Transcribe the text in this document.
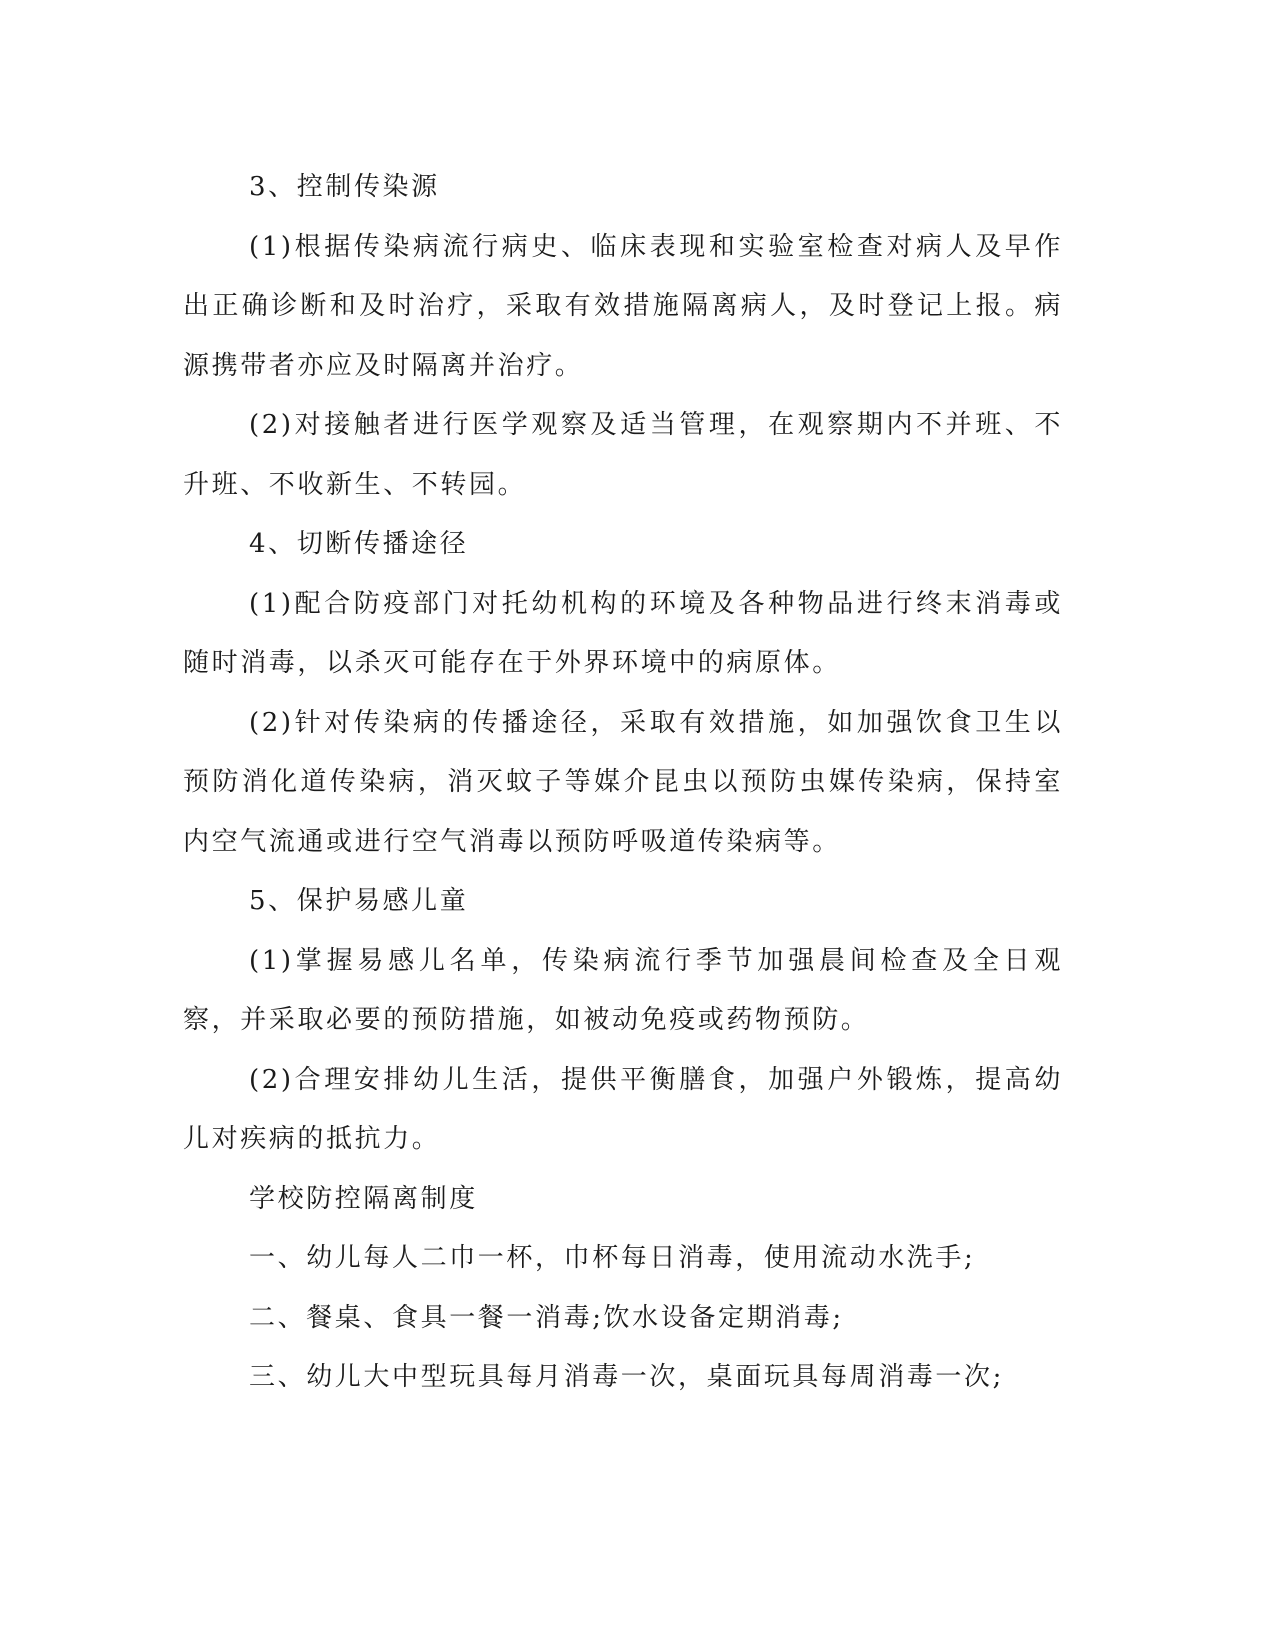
3、控制传染源

(1)根据传染病流行病史、临床表现和实验室检查对病人及早作出正确诊断和及时治疗，采取有效措施隔离病人，及时登记上报。病源携带者亦应及时隔离并治疗。

(2)对接触者进行医学观察及适当管理，在观察期内不并班、不升班、不收新生、不转园。

4、切断传播途径

(1)配合防疫部门对托幼机构的环境及各种物品进行终末消毒或随时消毒，以杀灭可能存在于外界环境中的病原体。

(2)针对传染病的传播途径，采取有效措施，如加强饮食卫生以预防消化道传染病，消灭蚊子等媒介昆虫以预防虫媒传染病，保持室内空气流通或进行空气消毒以预防呼吸道传染病等。

5、保护易感儿童

(1)掌握易感儿名单，传染病流行季节加强晨间检查及全日观察，并采取必要的预防措施，如被动免疫或药物预防。

(2)合理安排幼儿生活，提供平衡膳食，加强户外锻炼，提高幼儿对疾病的抵抗力。

学校防控隔离制度

一、幼儿每人二巾一杯，巾杯每日消毒，使用流动水洗手;

二、餐桌、食具一餐一消毒;饮水设备定期消毒;

三、幼儿大中型玩具每月消毒一次，桌面玩具每周消毒一次;
